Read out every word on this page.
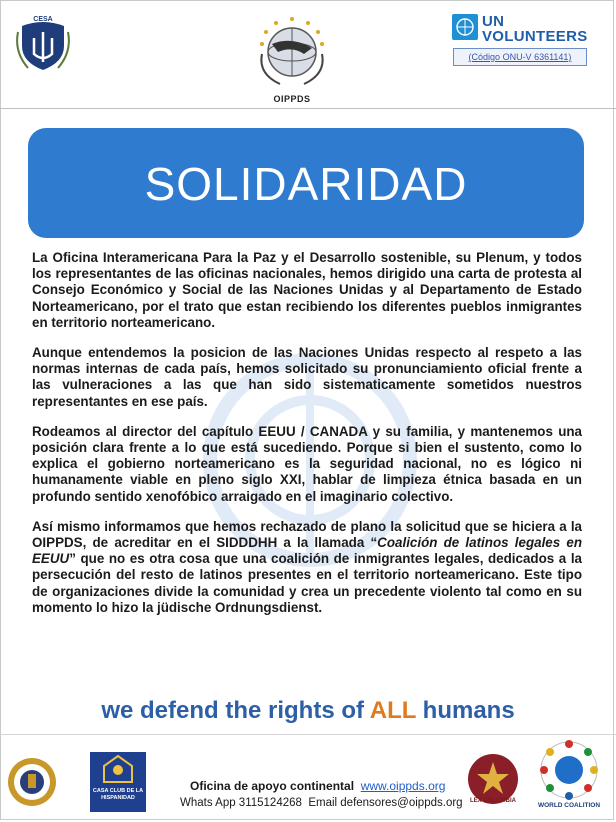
CESA
OIPPDS
UN
VOLUNTEERS
(Código ONU-V 6361141)
SOLIDARIDAD

La Oficina Interamericana Para la Paz y el Desarrollo sostenible, su Plenum, y todos los representantes de las oficinas nacionales, hemos dirigido una carta de protesta al Consejo Económico y Social de las Naciones Unidas y al Departamento de Estado Norteamericano, por el trato que estan recibiendo los diferentes pueblos inmigrantes en territorio norteamericano.

Aunque entendemos la posicion de las Naciones Unidas respecto al respeto a las normas internas de cada país, hemos solicitado su pronunciamiento oficial frente a las vulneraciones a las que han sido sistematicamente sometidos nuestros representantes en ese país.

Rodeamos al director del capítulo EEUU / CANADA y su familia, y mantenemos una posición clara frente a lo que está sucediendo. Porque si bien el sustento, como lo explica el gobierno norteamericano es la seguridad nacional, no es lógico ni humanamente viable en pleno siglo XXI, hablar de limpieza étnica basada en un profundo sentido xenofóbico arraigado en el imaginario colectivo.

Así mismo informamos que hemos rechazado de plano la solicitud que se hiciera a la OIPPDS, de acreditar en el SIDDDHH a la llamada “Coalición de latinos legales en EEUU” que no es otra cosa que una coalición de inmigrantes legales, dedicados a la persecución del resto de latinos presentes en el territorio norteamericano. Este tipo de organizaciones divide la comunidad y crea un precedente violento tal como en su momento lo hizo la jüdische Ordnungsdienst.

we defend the rights of ALL humans
CASA CLUB DE LA HISPANIDAD
Oficina de apoyo continental www.oippds.org
Whats App 3115124268 Email defensores@oippds.org	LEX COLOMBIA
WORLD COALITION
